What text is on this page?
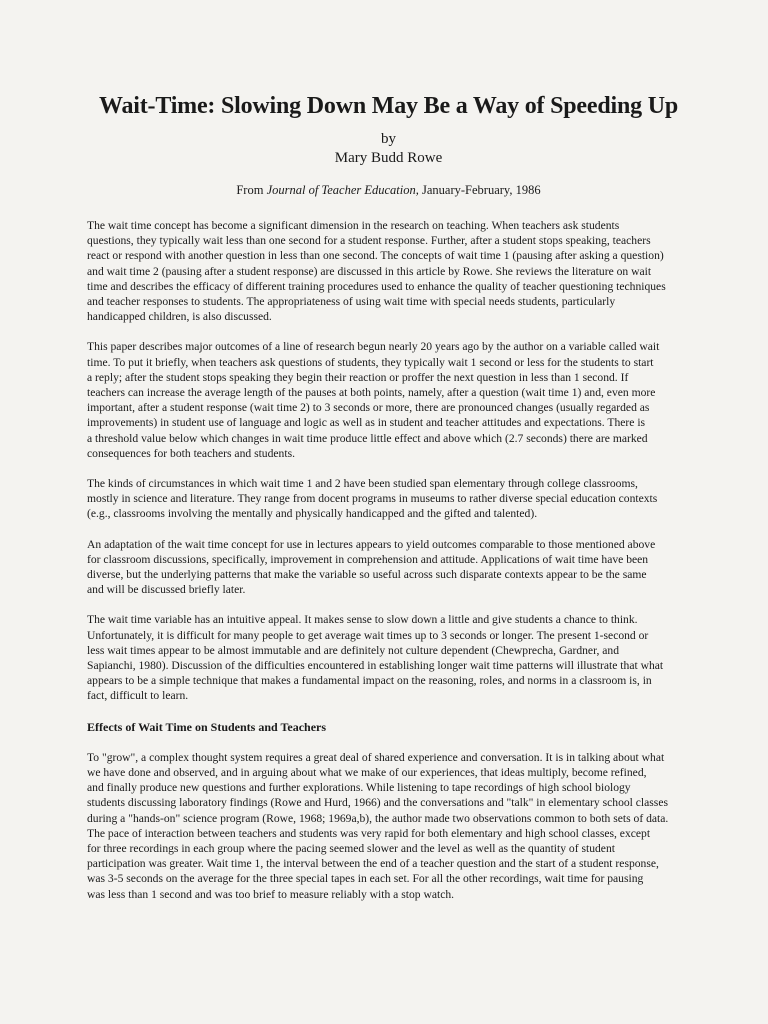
Wait-Time: Slowing Down May Be a Way of Speeding Up

by

Mary Budd Rowe

From Journal of Teacher Education, January-February, 1986

The wait time concept has become a significant dimension in the research on teaching. When teachers ask students
questions, they typically wait less than one second for a student response. Further, after a student stops speaking, teachers
react or respond with another question in less than one second. The concepts of wait time 1 (pausing after asking a question)
and wait time 2 (pausing after a student response) are discussed in this article by Rowe. She reviews the literature on wait
time and describes the efficacy of different training procedures used to enhance the quality of teacher questioning techniques
and teacher responses to students. The appropriateness of using wait time with special needs students, particularly
handicapped children, is also discussed.

This paper describes major outcomes of a line of research begun nearly 20 years ago by the author on a variable called wait
time. To put it briefly, when teachers ask questions of students, they typically wait 1 second or less for the students to start
a reply; after the student stops speaking they begin their reaction or proffer the next question in less than 1 second. If
teachers can increase the average length of the pauses at both points, namely, after a question (wait time 1) and, even more
important, after a student response (wait time 2) to 3 seconds or more, there are pronounced changes (usually regarded as
improvements) in student use of language and logic as well as in student and teacher attitudes and expectations. There is
a threshold value below which changes in wait time produce little effect and above which (2.7 seconds) there are marked
consequences for both teachers and students.

The kinds of circumstances in which wait time 1 and 2 have been studied span elementary through college classrooms,
mostly in science and literature. They range from docent programs in museums to rather diverse special education contexts
(e.g., classrooms involving the mentally and physically handicapped and the gifted and talented).

An adaptation of the wait time concept for use in lectures appears to yield outcomes comparable to those mentioned above
for classroom discussions, specifically, improvement in comprehension and attitude. Applications of wait time have been
diverse, but the underlying patterns that make the variable so useful across such disparate contexts appear to be the same
and will be discussed briefly later.

The wait time variable has an intuitive appeal. It makes sense to slow down a little and give students a chance to think.
Unfortunately, it is difficult for many people to get average wait times up to 3 seconds or longer. The present 1-second or
less wait times appear to be almost immutable and are definitely not culture dependent (Chewprecha, Gardner, and
Sapianchi, 1980). Discussion of the difficulties encountered in establishing longer wait time patterns will illustrate that what
appears to be a simple technique that makes a fundamental impact on the reasoning, roles, and norms in a classroom is, in
fact, difficult to learn.

Effects of Wait Time on Students and Teachers

To "grow", a complex thought system requires a great deal of shared experience and conversation. It is in talking about what
we have done and observed, and in arguing about what we make of our experiences, that ideas multiply, become refined,
and finally produce new questions and further explorations. While listening to tape recordings of high school biology
students discussing laboratory findings (Rowe and Hurd, 1966) and the conversations and "talk" in elementary school classes
during a "hands-on" science program (Rowe, 1968; 1969a,b), the author made two observations common to both sets of data.
The pace of interaction between teachers and students was very rapid for both elementary and high school classes, except
for three recordings in each group where the pacing seemed slower and the level as well as the quantity of student
participation was greater. Wait time 1, the interval between the end of a teacher question and the start of a student response,
was 3-5 seconds on the average for the three special tapes in each set. For all the other recordings, wait time for pausing
was less than 1 second and was too brief to measure reliably with a stop watch.
